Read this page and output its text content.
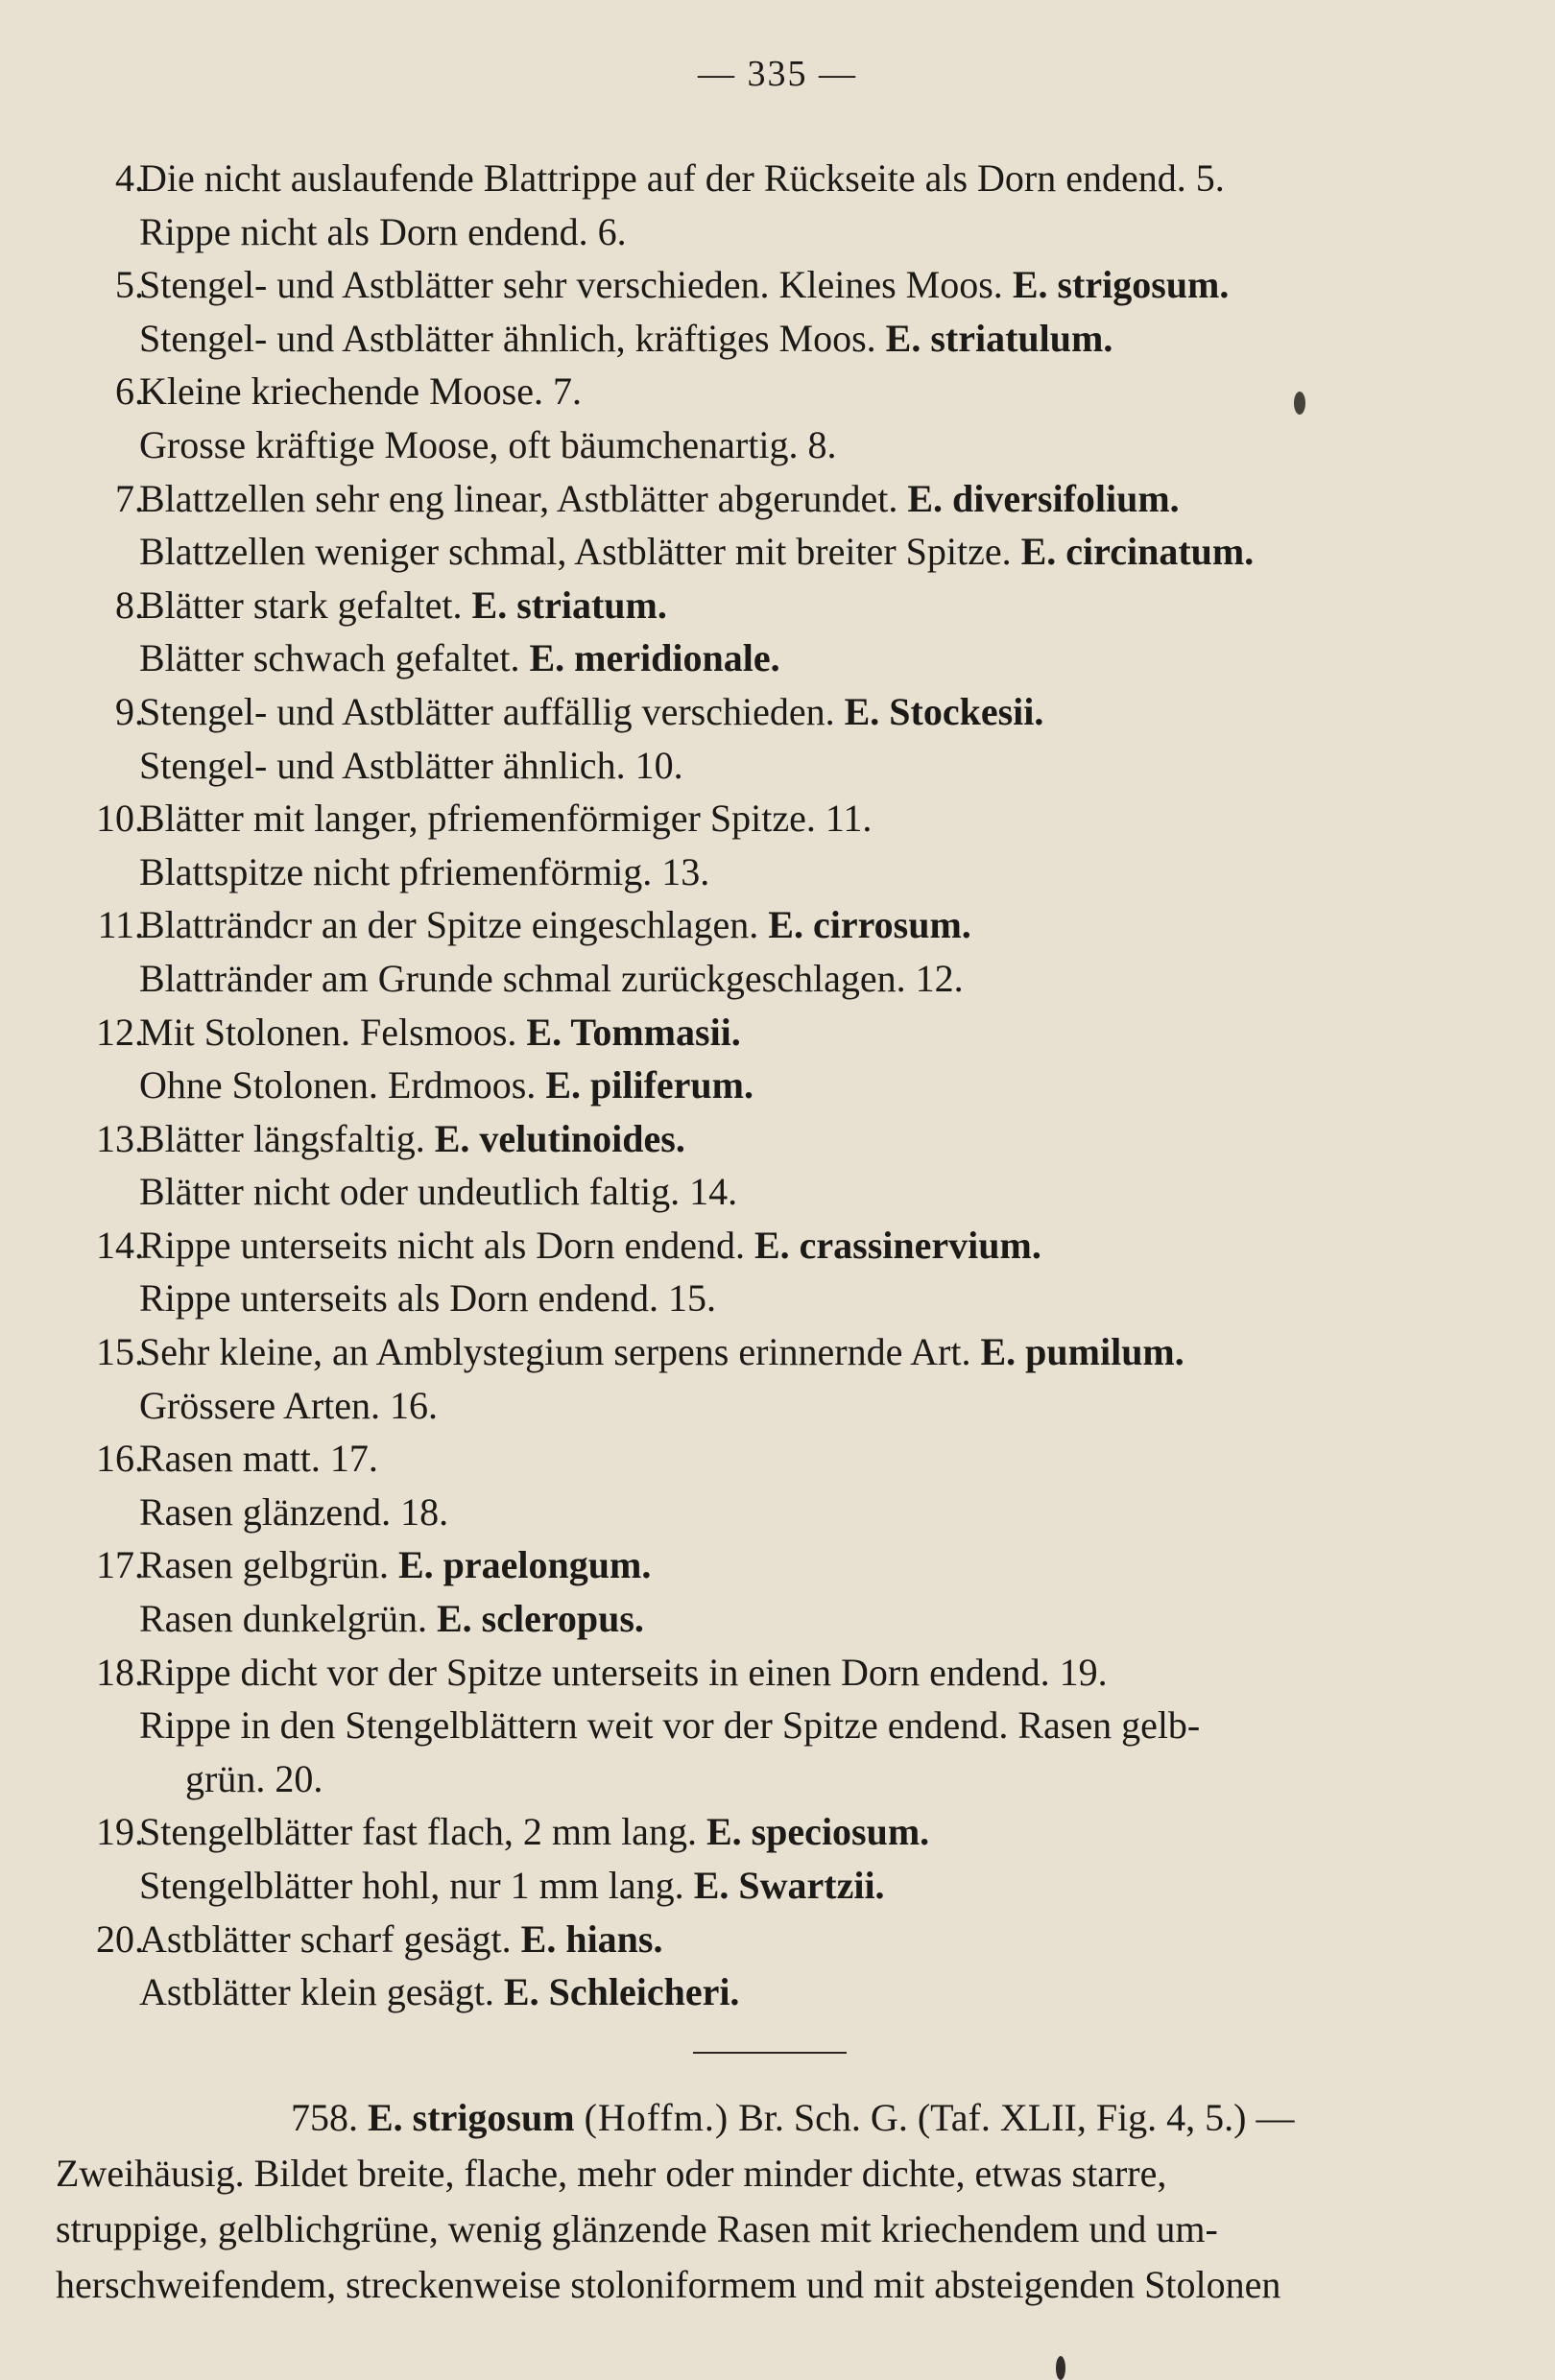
— 335 —
4.
Die nicht auslaufende Blattrippe auf der Rückseite als Dorn endend. 5.
Rippe nicht als Dorn endend. 6.
5.
Stengel- und Astblätter sehr verschieden. Kleines Moos. E. strigosum.
Stengel- und Astblätter ähnlich, kräftiges Moos. E. striatulum.
6.
Kleine kriechende Moose. 7.
Grosse kräftige Moose, oft bäumchenartig. 8.
7.
Blattzellen sehr eng linear, Astblätter abgerundet. E. diversifolium.
Blattzellen weniger schmal, Astblätter mit breiter Spitze. E. circinatum.
8.
Blätter stark gefaltet. E. striatum.
Blätter schwach gefaltet. E. meridionale.
9.
Stengel- und Astblätter auffällig verschieden. E. Stockesii.
Stengel- und Astblätter ähnlich. 10.
10.
Blätter mit langer, pfriemenförmiger Spitze. 11.
Blattspitze nicht pfriemenförmig. 13.
11.
Blatträndcr an der Spitze eingeschlagen. E. cirrosum.
Blattränder am Grunde schmal zurückgeschlagen. 12.
12.
Mit Stolonen. Felsmoos. E. Tommasii.
Ohne Stolonen. Erdmoos. E. piliferum.
13.
Blätter längsfaltig. E. velutinoides.
Blätter nicht oder undeutlich faltig. 14.
14.
Rippe unterseits nicht als Dorn endend. E. crassinervium.
Rippe unterseits als Dorn endend. 15.
15.
Sehr kleine, an Amblystegium serpens erinnernde Art. E. pumilum.
Grössere Arten. 16.
16.
Rasen matt. 17.
Rasen glänzend. 18.
17.
Rasen gelbgrün. E. praelongum.
Rasen dunkelgrün. E. scleropus.
18.
Rippe dicht vor der Spitze unterseits in einen Dorn endend. 19.
Rippe in den Stengelblättern weit vor der Spitze endend. Rasen gelb-
grün. 20.
19.
Stengelblätter fast flach, 2 mm lang. E. speciosum.
Stengelblätter hohl, nur 1 mm lang. E. Swartzii.
20.
Astblätter scharf gesägt. E. hians.
Astblätter klein gesägt. E. Schleicheri.
758. E. strigosum (Hoffm.) Br. Sch. G. (Taf. XLII, Fig. 4, 5.) —
Zweihäusig. Bildet breite, flache, mehr oder minder dichte, etwas starre,
struppige, gelblichgrüne, wenig glänzende Rasen mit kriechendem und um-
herschweifendem, streckenweise stoloniformem und mit absteigenden Stolonen
